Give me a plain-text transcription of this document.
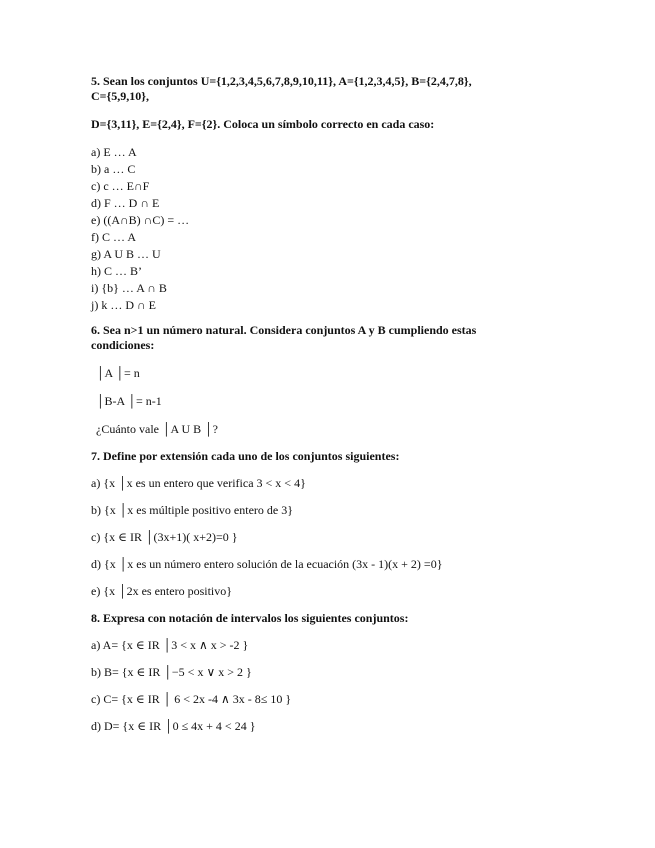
5. Sean los conjuntos U={1,2,3,4,5,6,7,8,9,10,11}, A={1,2,3,4,5}, B={2,4,7,8},

C={5,9,10},

D={3,11}, E={2,4}, F={2}. Coloca un símbolo correcto en cada caso:

a) E … A
b) a … C
c) c … E∩F
d) F … D ∩ E
e) ((A∩B) ∩C) = …
f) C … A
g) A U B … U
h) C … B’
i) {b} … A ∩ B
j) k … D ∩ E

6. Sea n>1 un número natural. Considera conjuntos A y B cumpliendo estas

condiciones:

│A │= n

│B-A │= n-1

¿Cuánto vale │A U B │?

7. Define por extensión cada uno de los conjuntos siguientes:

a) {x │x es un entero que verifica 3 < x < 4}

b) {x │x es múltiple positivo entero de 3}

c) {x ∈ IR │(3x+1)( x+2)=0 }

d) {x │x es un número entero solución de la ecuación (3x - 1)(x + 2) =0}

e) {x │2x es entero positivo}

8. Expresa con notación de intervalos los siguientes conjuntos:

a) A= {x ∈ IR │3 < x ∧ x > -2 }

b) B= {x ∈ IR │−5 < x ∨ x > 2 }

c) C= {x ∈ IR │ 6 < 2x -4 ∧ 3x - 8≤ 10 }

d) D= {x ∈ IR │0 ≤ 4x + 4 < 24 }
